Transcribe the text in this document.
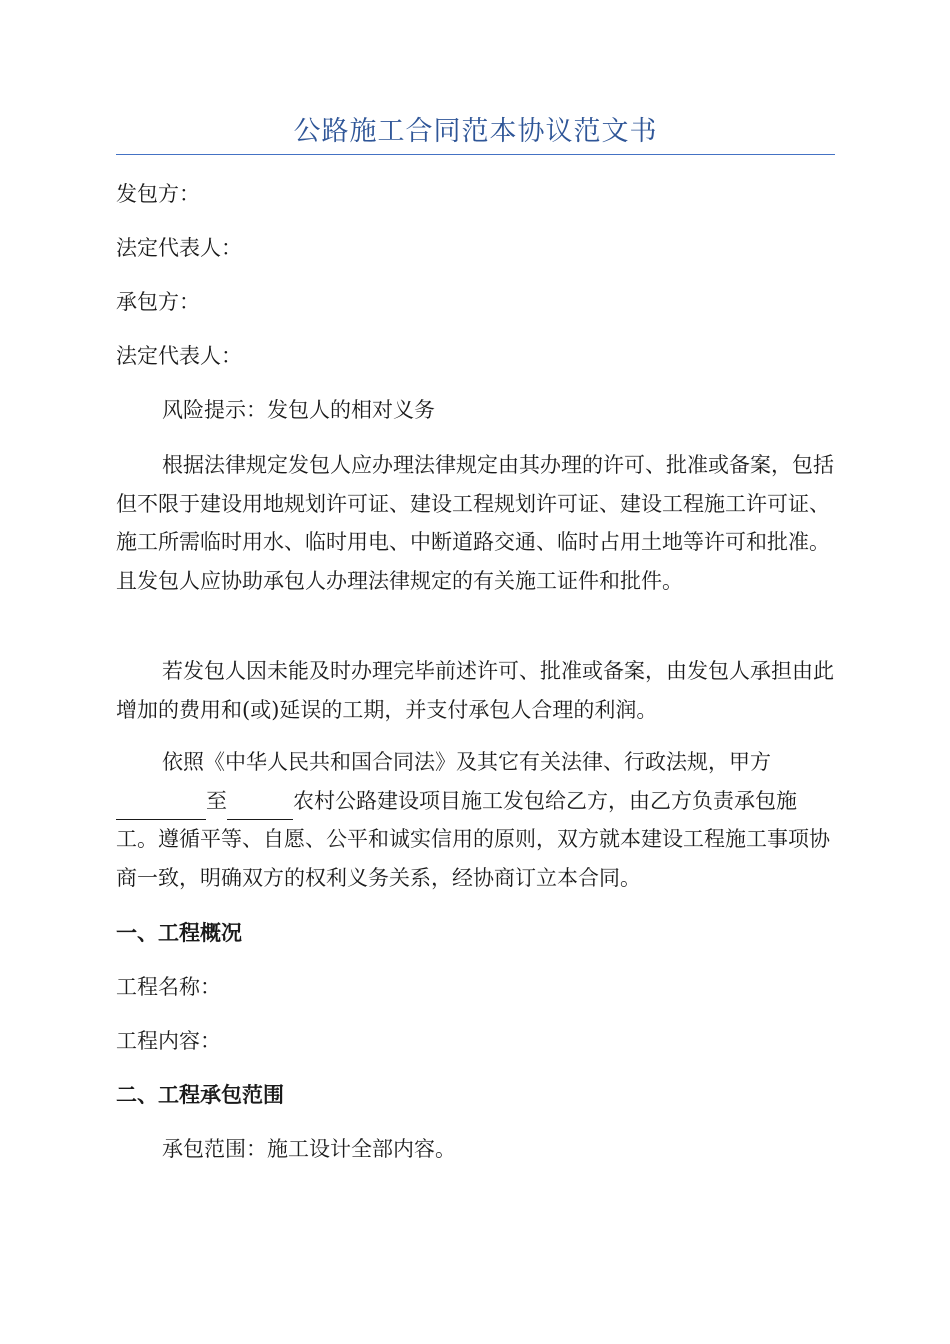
公路施工合同范本协议范文书
发包方：
法定代表人：
承包方：
法定代表人：
风险提示：发包人的相对义务
根据法律规定发包人应办理法律规定由其办理的许可、批准或备案，包括但不限于建设用地规划许可证、建设工程规划许可证、建设工程施工许可证、施工所需临时用水、临时用电、中断道路交通、临时占用土地等许可和批准。且发包人应协助承包人办理法律规定的有关施工证件和批件。
若发包人因未能及时办理完毕前述许可、批准或备案，由发包人承担由此增加的费用和(或)延误的工期，并支付承包人合理的利润。
依照《中华人民共和国合同法》及其它有关法律、行政法规，甲方至	农村公路建设项目施工发包给乙方，由乙方负责承包施工。遵循平等、自愿、公平和诚实信用的原则，双方就本建设工程施工事项协商一致，明确双方的权利义务关系，经协商订立本合同。
一、工程概况
工程名称：
工程内容：
二、工程承包范围
承包范围：施工设计全部内容。
